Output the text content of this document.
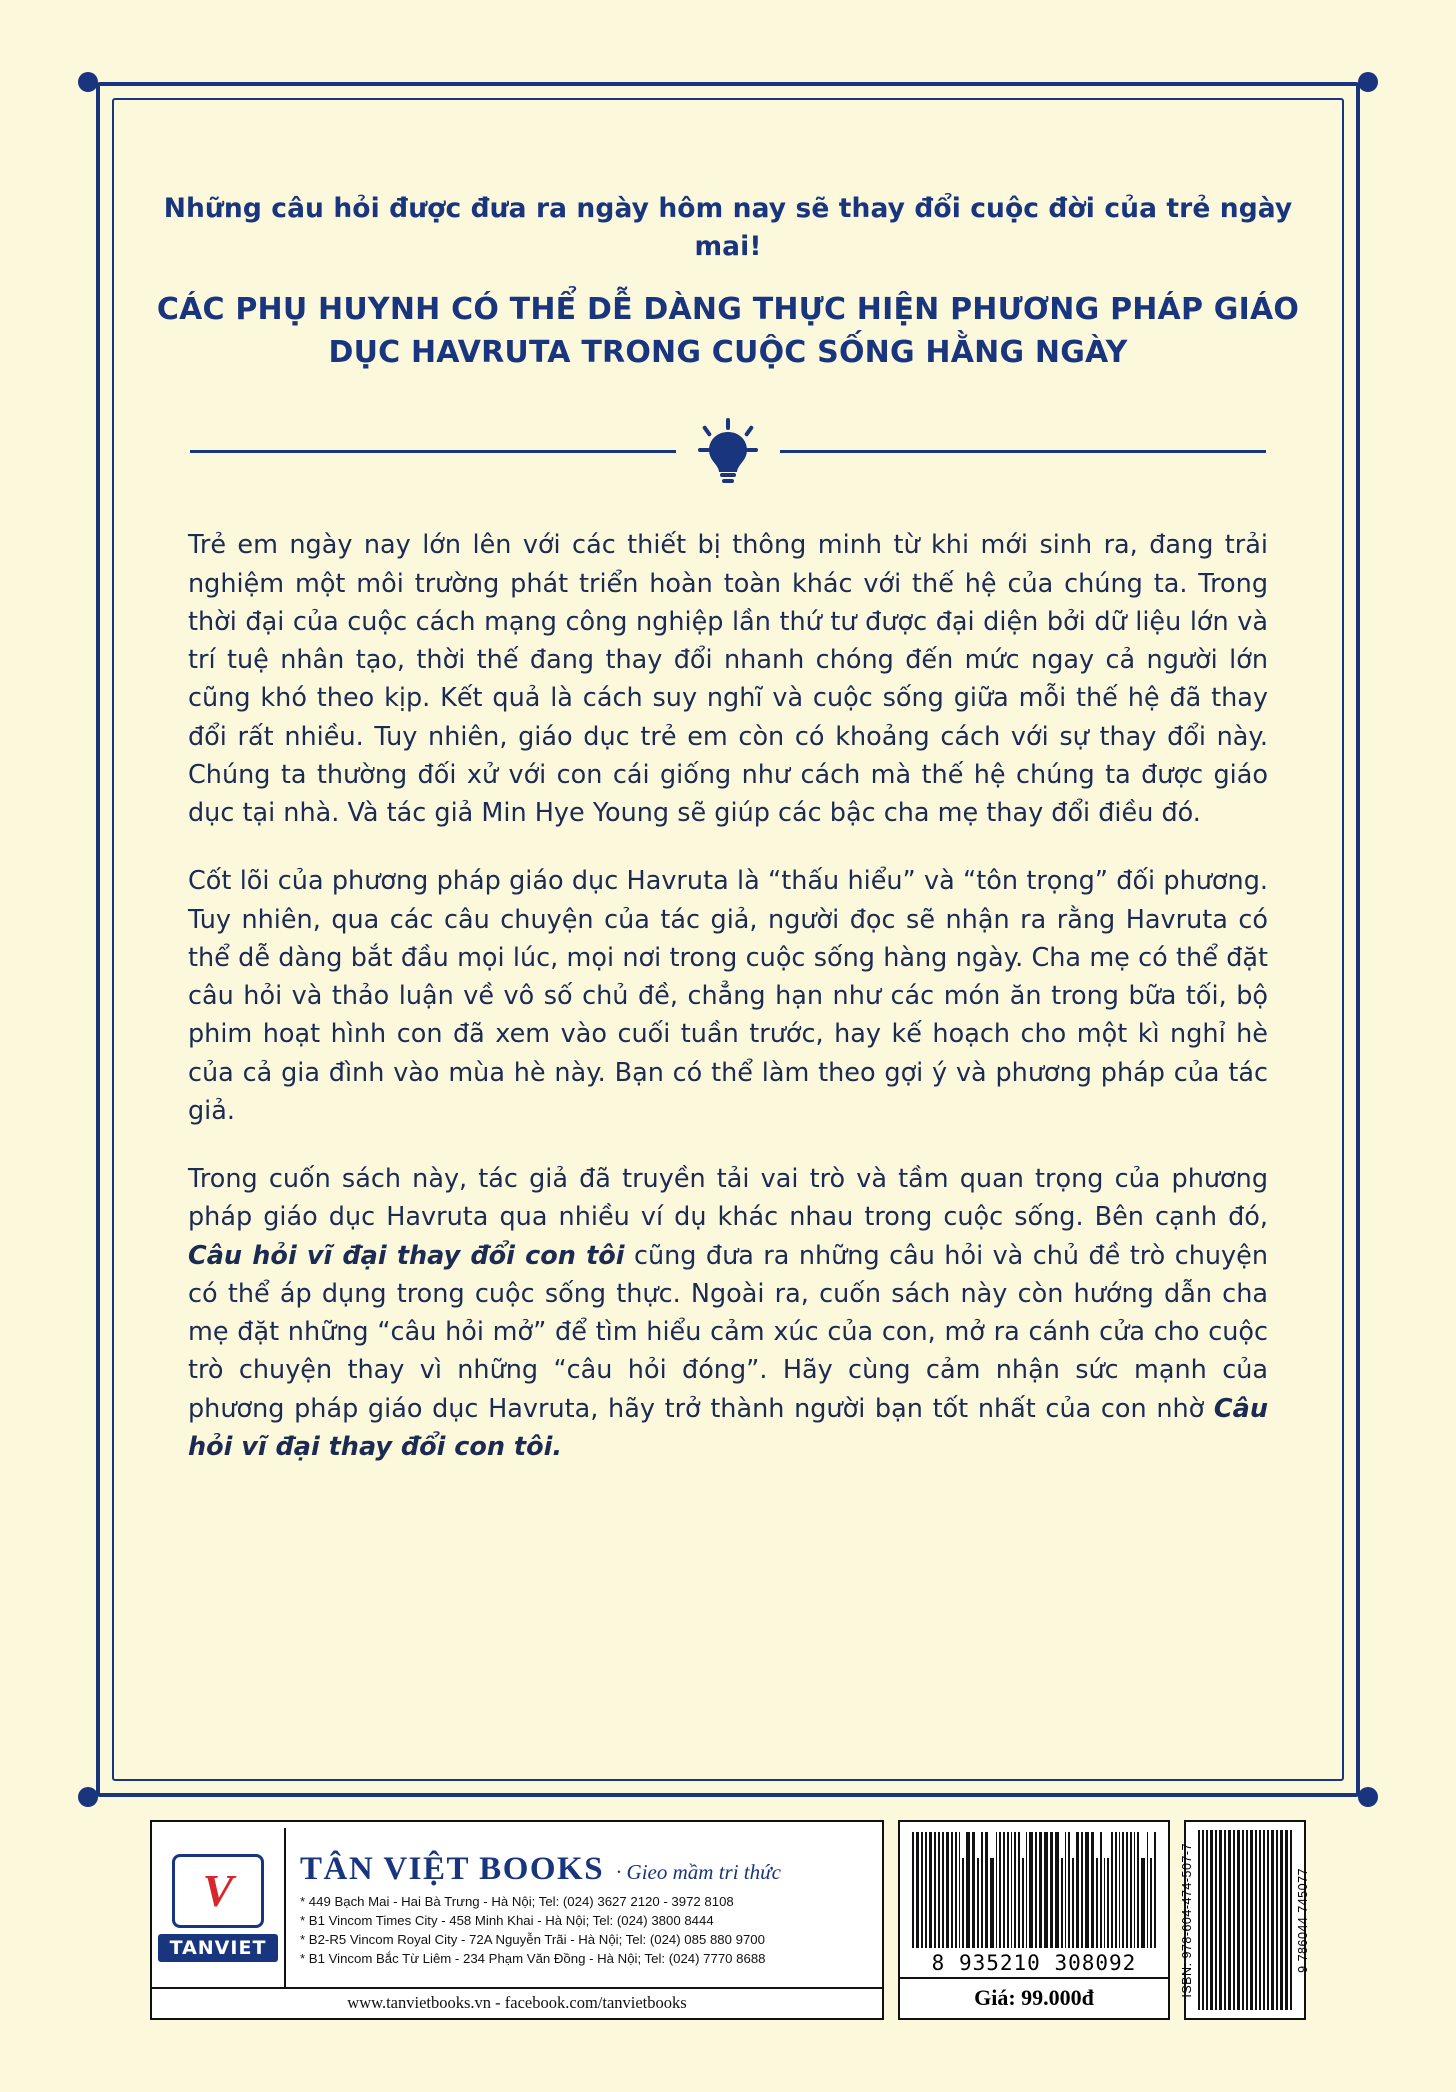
Những câu hỏi được đưa ra ngày hôm nay sẽ thay đổi cuộc đời của trẻ ngày mai!
CÁC PHỤ HUYNH CÓ THỂ DỄ DÀNG THỰC HIỆN PHƯƠNG PHÁP GIÁO DỤC HAVRUTA TRONG CUỘC SỐNG HẰNG NGÀY

Trẻ em ngày nay lớn lên với các thiết bị thông minh từ khi mới sinh ra, đang trải nghiệm một môi trường phát triển hoàn toàn khác với thế hệ của chúng ta. Trong thời đại của cuộc cách mạng công nghiệp lần thứ tư được đại diện bởi dữ liệu lớn và trí tuệ nhân tạo, thời thế đang thay đổi nhanh chóng đến mức ngay cả người lớn cũng khó theo kịp. Kết quả là cách suy nghĩ và cuộc sống giữa mỗi thế hệ đã thay đổi rất nhiều. Tuy nhiên, giáo dục trẻ em còn có khoảng cách với sự thay đổi này. Chúng ta thường đối xử với con cái giống như cách mà thế hệ chúng ta được giáo dục tại nhà. Và tác giả Min Hye Young sẽ giúp các bậc cha mẹ thay đổi điều đó.

Cốt lõi của phương pháp giáo dục Havruta là “thấu hiểu” và “tôn trọng” đối phương. Tuy nhiên, qua các câu chuyện của tác giả, người đọc sẽ nhận ra rằng Havruta có thể dễ dàng bắt đầu mọi lúc, mọi nơi trong cuộc sống hàng ngày. Cha mẹ có thể đặt câu hỏi và thảo luận về vô số chủ đề, chẳng hạn như các món ăn trong bữa tối, bộ phim hoạt hình con đã xem vào cuối tuần trước, hay kế hoạch cho một kì nghỉ hè của cả gia đình vào mùa hè này. Bạn có thể làm theo gợi ý và phương pháp của tác giả.

Trong cuốn sách này, tác giả đã truyền tải vai trò và tầm quan trọng của phương pháp giáo dục Havruta qua nhiều ví dụ khác nhau trong cuộc sống. Bên cạnh đó, Câu hỏi vĩ đại thay đổi con tôi cũng đưa ra những câu hỏi và chủ đề trò chuyện có thể áp dụng trong cuộc sống thực. Ngoài ra, cuốn sách này còn hướng dẫn cha mẹ đặt những “câu hỏi mở” để tìm hiểu cảm xúc của con, mở ra cánh cửa cho cuộc trò chuyện thay vì những “câu hỏi đóng”. Hãy cùng cảm nhận sức mạnh của phương pháp giáo dục Havruta, hãy trở thành người bạn tốt nhất của con nhờ Câu hỏi vĩ đại thay đổi con tôi.

V
TANVIET
TÂN VIỆT BOOKS · Gieo mầm tri thức
* 449 Bạch Mai - Hai Bà Trưng - Hà Nội; Tel: (024) 3627 2120 - 3972 8108
* B1 Vincom Times City - 458 Minh Khai - Hà Nội; Tel: (024) 3800 8444
* B2-R5 Vincom Royal City - 72A Nguyễn Trãi - Hà Nội; Tel: (024) 085 880 9700
* B1 Vincom Bắc Từ Liêm - 234 Phạm Văn Đồng - Hà Nội; Tel: (024) 7770 8688
www.tanvietbooks.vn - facebook.com/tanvietbooks
8 935210 308092
Giá: 99.000đ
ISBN: 978-604-474-507-7	9 786044 745077
